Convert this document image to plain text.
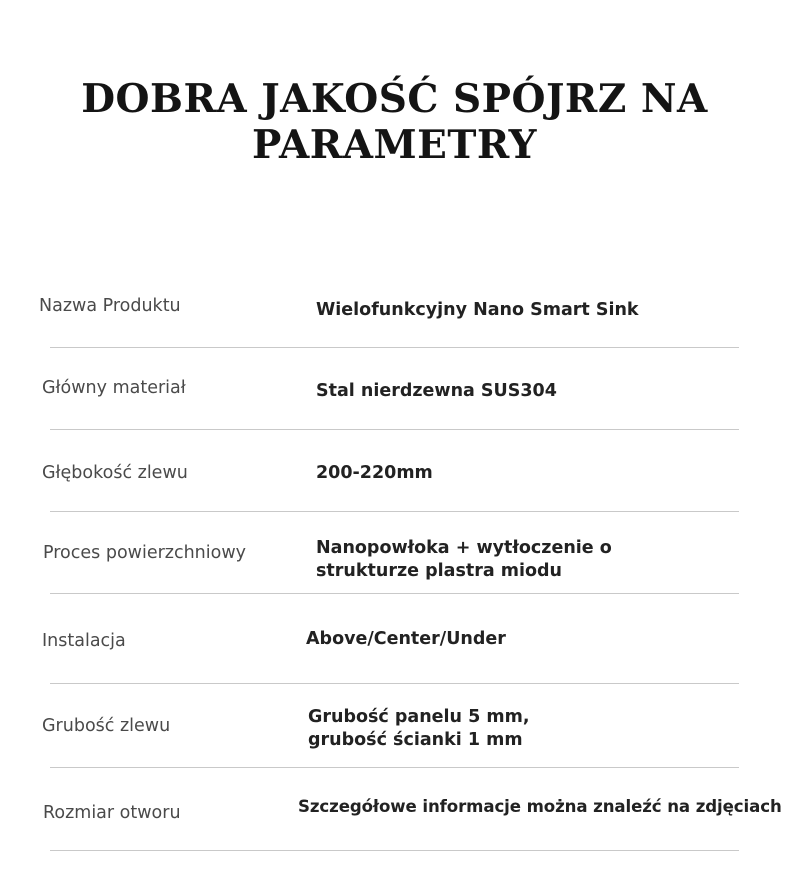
DOBRA JAKOŚĆ SPÓJRZ NA
PARAMETRY
Nazwa Produktu	Wielofunkcyjny Nano Smart Sink
Główny materiał	Stal nierdzewna SUS304
Głębokość zlewu	200-220mm
Proces powierzchniowy	Nanopowłoka + wytłoczenie o
strukturze plastra miodu
Instalacja	Above/Center/Under
Grubość zlewu	Grubość panelu 5 mm,
grubość ścianki 1 mm
Rozmiar otworu	Szczegółowe informacje można znaleźć na zdjęciach
